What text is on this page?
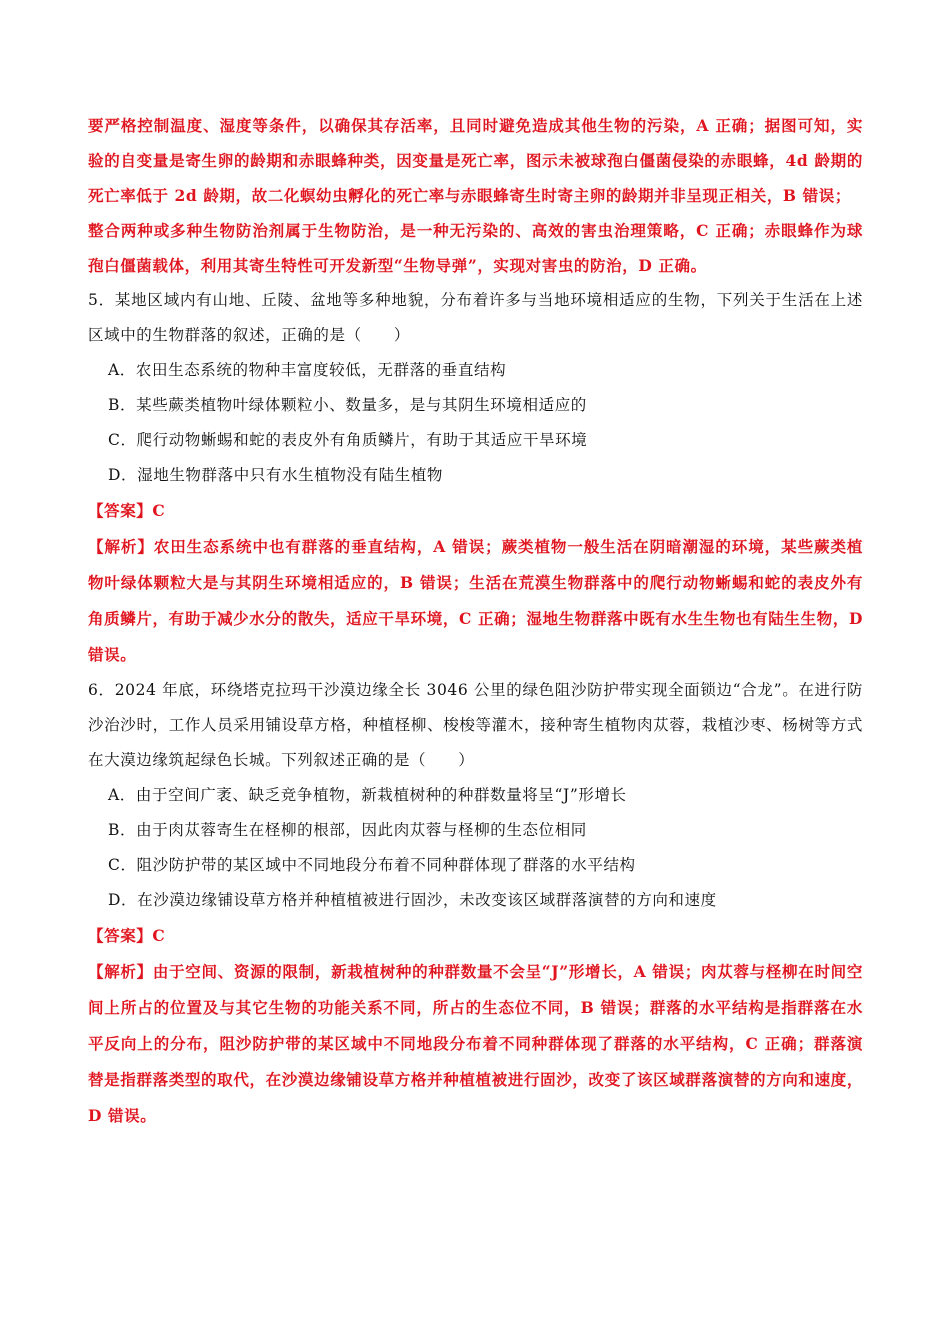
要严格控制温度、湿度等条件，以确保其存活率，且同时避免造成其他生物的污染，A 正确；据图可知，实验的自变量是寄生卵的龄期和赤眼蜂种类，因变量是死亡率，图示未被球孢白僵菌侵染的赤眼蜂，4d 龄期的死亡率低于 2d 龄期，故二化螟幼虫孵化的死亡率与赤眼蜂寄生时寄主卵的龄期并非呈现正相关，B 错误；

整合两种或多种生物防治剂属于生物防治，是一种无污染的、高效的害虫治理策略，C 正确；赤眼蜂作为球孢白僵菌载体，利用其寄生特性可开发新型“生物导弹”，实现对害虫的防治，D 正确。

5．某地区域内有山地、丘陵、盆地等多种地貌，分布着许多与当地环境相适应的生物，下列关于生活在上述区域中的生物群落的叙述，正确的是（　　）

A．农田生态系统的物种丰富度较低，无群落的垂直结构

B．某些蕨类植物叶绿体颗粒小、数量多，是与其阴生环境相适应的

C．爬行动物蜥蜴和蛇的表皮外有角质鳞片，有助于其适应干旱环境

D．湿地生物群落中只有水生植物没有陆生植物

【答案】C

【解析】农田生态系统中也有群落的垂直结构，A 错误；蕨类植物一般生活在阴暗潮湿的环境，某些蕨类植物叶绿体颗粒大是与其阴生环境相适应的，B 错误；生活在荒漠生物群落中的爬行动物蜥蜴和蛇的表皮外有角质鳞片，有助于减少水分的散失，适应干旱环境，C 正确；湿地生物群落中既有水生生物也有陆生生物，D 错误。

6．2024 年底，环绕塔克拉玛干沙漠边缘全长 3046 公里的绿色阻沙防护带实现全面锁边“合龙”。在进行防沙治沙时，工作人员采用铺设草方格，种植柽柳、梭梭等灌木，接种寄生植物肉苁蓉，栽植沙枣、杨树等方式在大漠边缘筑起绿色长城。下列叙述正确的是（　　）

A．由于空间广袤、缺乏竞争植物，新栽植树种的种群数量将呈“J”形增长

B．由于肉苁蓉寄生在柽柳的根部，因此肉苁蓉与柽柳的生态位相同

C．阻沙防护带的某区域中不同地段分布着不同种群体现了群落的水平结构

D．在沙漠边缘铺设草方格并种植植被进行固沙，未改变该区域群落演替的方向和速度

【答案】C

【解析】由于空间、资源的限制，新栽植树种的种群数量不会呈“J”形增长，A 错误；肉苁蓉与柽柳在时间空间上所占的位置及与其它生物的功能关系不同，所占的生态位不同，B 错误；群落的水平结构是指群落在水平反向上的分布，阻沙防护带的某区域中不同地段分布着不同种群体现了群落的水平结构，C 正确；群落演替是指群落类型的取代，在沙漠边缘铺设草方格并种植植被进行固沙，改变了该区域群落演替的方向和速度，D 错误。
